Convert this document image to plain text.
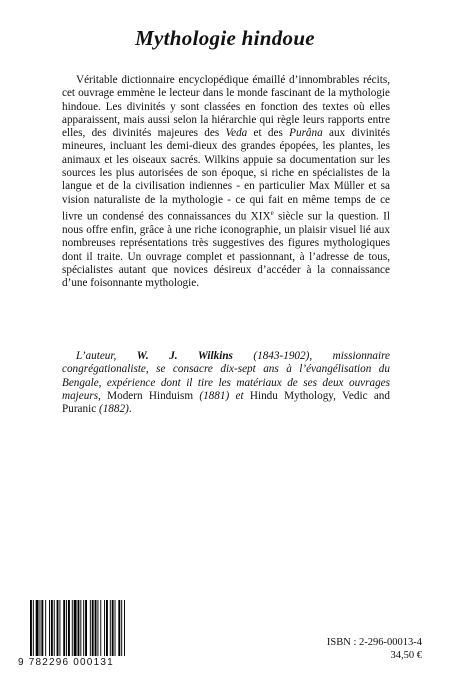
Mythologie hindoue

Véritable dictionnaire encyclopédique émaillé d’innombrables récits, cet ouvrage emmène le lecteur dans le monde fascinant de la mythologie hindoue. Les divinités y sont classées en fonction des textes où elles apparaissent, mais aussi selon la hiérarchie qui règle leurs rapports entre elles, des divinités majeures des Veda et des Purâna aux divinités mineures, incluant les demi-dieux des grandes épopées, les plantes, les animaux et les oiseaux sacrés. Wilkins appuie sa documentation sur les sources les plus autorisées de son époque, si riche en spécialistes de la langue et de la civilisation indiennes - en particulier Max Müller et sa vision naturaliste de la mythologie - ce qui fait en même temps de ce livre un condensé des connaissances du XIXe siècle sur la question. Il nous offre enfin, grâce à une riche iconographie, un plaisir visuel lié aux nombreuses représentations très suggestives des figures mythologiques dont il traite. Un ouvrage complet et passionnant, à l’adresse de tous, spécialistes autant que novices désireux d’accéder à la connaissance d’une foisonnante mythologie.

L’auteur, W. J. Wilkins (1843-1902), missionnaire congrégationaliste, se consacre dix-sept ans à l’évangélisation du Bengale, expérience dont il tire les matériaux de ses deux ouvrages majeurs, Modern Hinduism (1881) et Hindu Mythology, Vedic and Puranic (1882).

9 782296 000131
ISBN : 2-296-00013-4
34,50 €
